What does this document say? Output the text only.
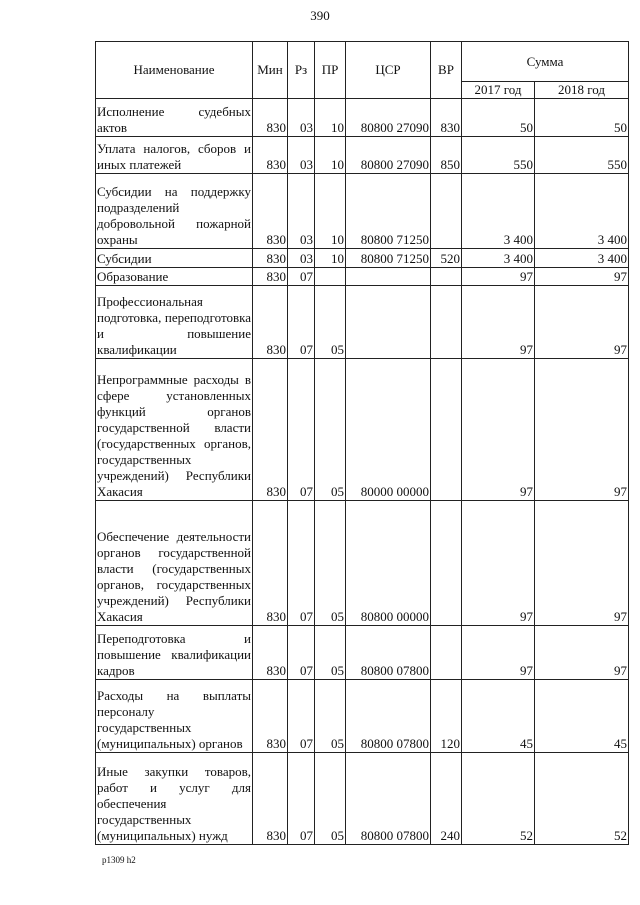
390
Наименование	Мин	Рз	ПР	ЦСР	ВР	Сумма	
						2017 год	2018 год
Исполнение судебных актов	830	03	10	80800 27090	830	50	50
Уплата налогов, сборов и иных платежей	830	03	10	80800 27090	850	550	550
Субсидии на поддержку подразделений добровольной пожарной охраны	830	03	10	80800 71250		3 400	3 400
Субсидии	830	03	10	80800 71250	520	3 400	3 400
Образование	830	07				97	97
Профессиональная подготовка, переподготовка и повышение квалификации	830	07	05			97	97
Непрограммные расходы в сфере установленных функций органов государственной власти (государственных органов, государственных учреждений) Республики Хакасия	830	07	05	80000 00000		97	97
Обеспечение деятельности органов государственной власти (государственных органов, государственных учреждений) Республики Хакасия	830	07	05	80800 00000		97	97
Переподготовка и повышение квалификации кадров	830	07	05	80800 07800		97	97
Расходы на выплаты персоналу государственных (муниципальных) органов	830	07	05	80800 07800	120	45	45
Иные закупки товаров, работ и услуг для обеспечения государственных (муниципальных) нужд	830	07	05	80800 07800	240	52	52
р1309 h2
